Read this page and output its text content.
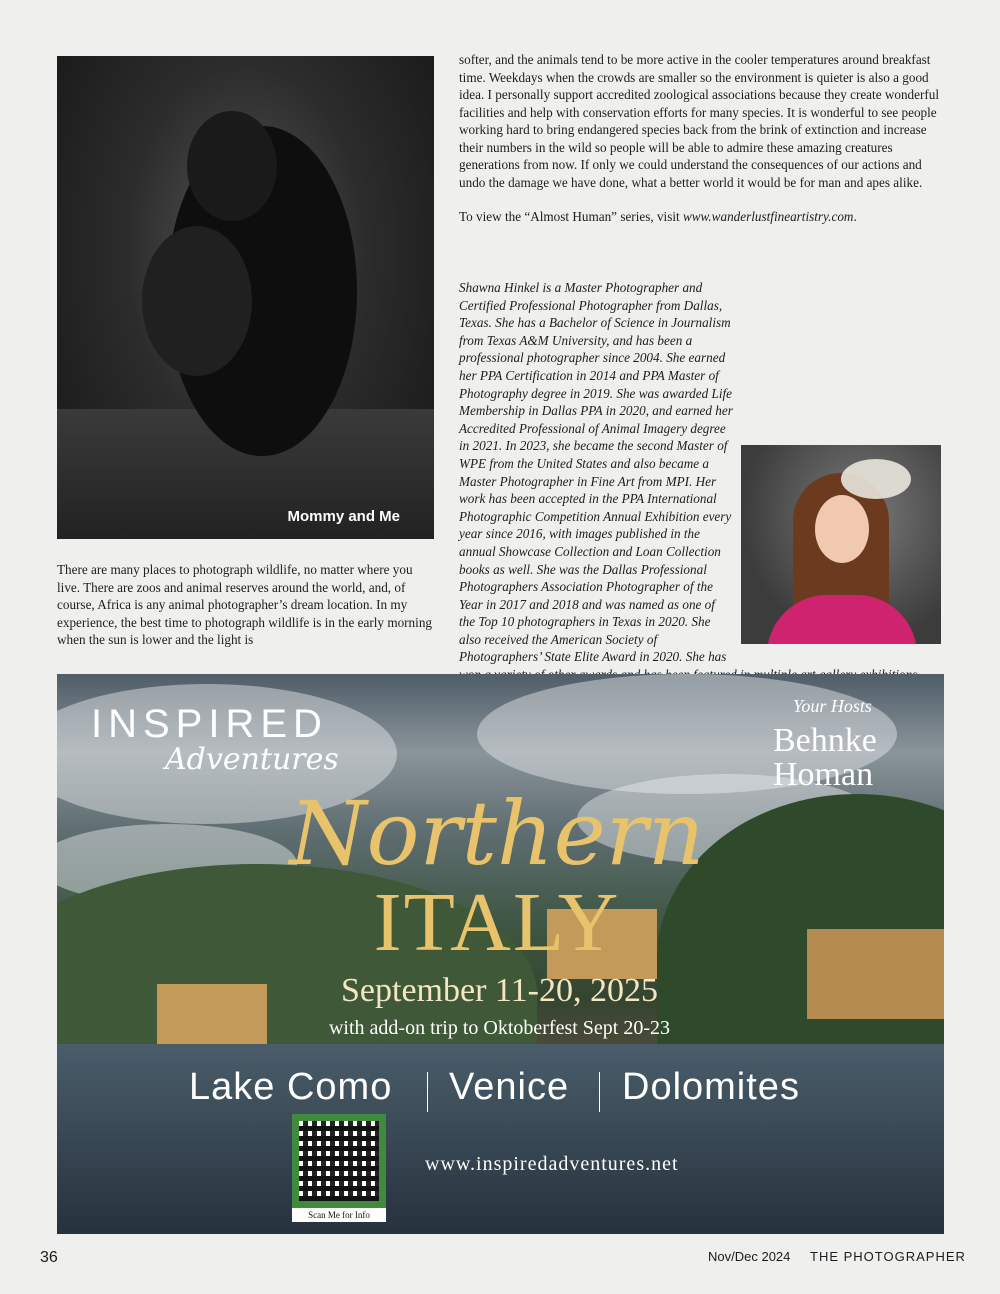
Mommy and Me

softer, and the animals tend to be more active in the cooler temperatures around breakfast time. Weekdays when the crowds are smaller so the environment is quieter is also a good idea. I personally support accredited zoological associations because they create wonderful facilities and help with conservation efforts for many species. It is wonderful to see people working hard to bring endangered species back from the brink of extinction and increase their numbers in the wild so people will be able to admire these amazing creatures generations from now. If only we could understand the consequences of our actions and undo the damage we have done, what a better world it would be for man and apes alike.

To view the “Almost Human” series, visit www.wanderlustfineartistry.com.

Shawna Hinkel is a Master Photographer and Certified Professional Photographer from Dallas, Texas. She has a Bachelor of Science in Journalism from Texas A&M University, and has been a professional photographer since 2004. She earned her PPA Certification in 2014 and PPA Master of Photography degree in 2019. She was awarded Life Membership in Dallas PPA in 2020, and earned her Accredited Professional of Animal Imagery degree in 2021. In 2023, she became the second Master of WPE from the United States and also became a Master Photographer in Fine Art from MPI. Her work has been accepted in the PPA International Photographic Competition Annual Exhibition every year since 2016, with images published in the annual Showcase Collection and Loan Collection books as well. She was the Dallas Professional Photographers Association Photographer of the Year in 2017 and 2018 and was named as one of the Top 10 photographers in Texas in 2020. She also received the American Society of Photographers’ State Elite Award in 2020. She has

There are many places to photograph wildlife, no matter where you live. There are zoos and animal reserves around the world, and, of course, Africa is any animal photographer’s dream location. In my experience, the best time to photograph wildlife is in the early morning when the sun is lower and the light is

INSPIRED
Adventures
Your Hosts
Behnke
Homan
Northern
ITALY
September 11-20, 2025
with add-on trip to Oktoberfest Sept 20-23
Lake Como Venice Dolomites
Scan Me for Info
www.inspiredadventures.net
36	Nov/Dec 2024 THE PHOTOGRAPHER
